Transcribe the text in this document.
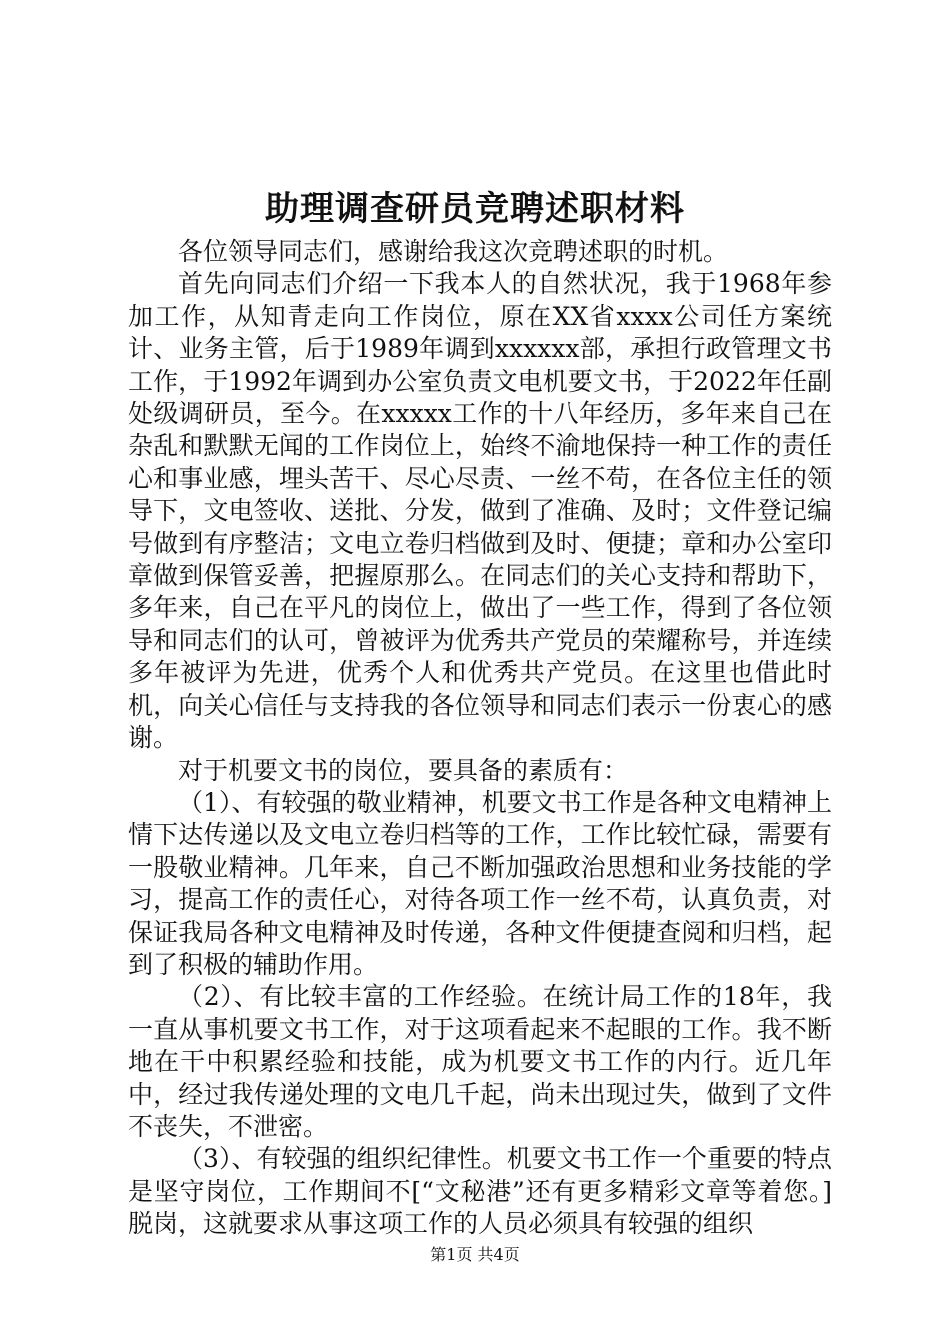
助理调查研员竞聘述职材料

各位领导同志们，感谢给我这次竞聘述职的时机。

首先向同志们介绍一下我本人的自然状况，我于1968年参加工作，从知青走向工作岗位，原在XX省xxxx公司任方案统计、业务主管，后于1989年调到xxxxxx部，承担行政管理文书工作，于1992年调到办公室负责文电机要文书，于2022年任副处级调研员，至今。在xxxxx工作的十八年经历，多年来自己在杂乱和默默无闻的工作岗位上，始终不渝地保持一种工作的责任心和事业感，埋头苦干、尽心尽责、一丝不苟，在各位主任的领导下，文电签收、送批、分发，做到了准确、及时；文件登记编号做到有序整洁；文电立卷归档做到及时、便捷；章和办公室印章做到保管妥善，把握原那么。在同志们的关心支持和帮助下，多年来，自己在平凡的岗位上，做出了一些工作，得到了各位领导和同志们的认可，曾被评为优秀共产党员的荣耀称号，并连续多年被评为先进，优秀个人和优秀共产党员。在这里也借此时机，向关心信任与支持我的各位领导和同志们表示一份衷心的感谢。

对于机要文书的岗位，要具备的素质有：

（1）、有较强的敬业精神，机要文书工作是各种文电精神上情下达传递以及文电立卷归档等的工作，工作比较忙碌，需要有一股敬业精神。几年来，自己不断加强政治思想和业务技能的学习，提高工作的责任心，对待各项工作一丝不苟，认真负责，对保证我局各种文电精神及时传递，各种文件便捷查阅和归档，起到了积极的辅助作用。

（2）、有比较丰富的工作经验。在统计局工作的18年，我一直从事机要文书工作，对于这项看起来不起眼的工作。我不断地在干中积累经验和技能，成为机要文书工作的内行。近几年中，经过我传递处理的文电几千起，尚未出现过失，做到了文件不丧失，不泄密。

（3）、有较强的组织纪律性。机要文书工作一个重要的特点是坚守岗位，工作期间不[“文秘港”还有更多精彩文章等着您。]脱岗，这就要求从事这项工作的人员必须具有较强的组织

第1页 共4页
